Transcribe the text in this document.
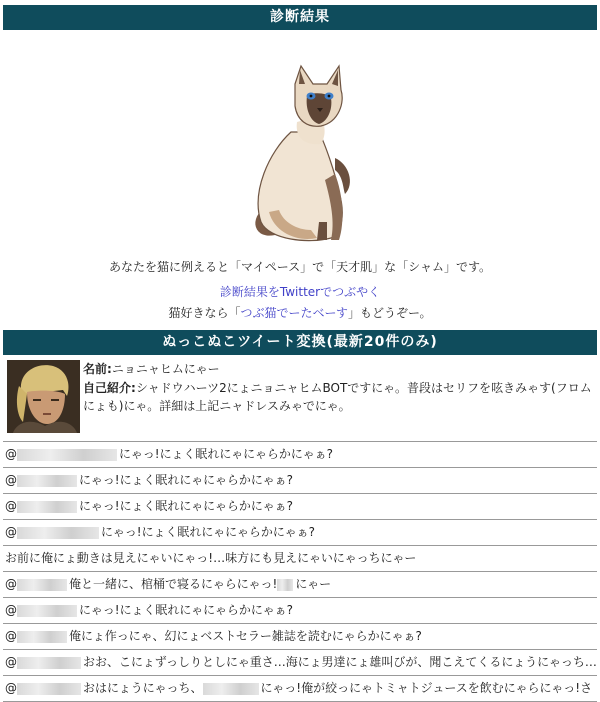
診断結果
あなたを猫に例えると「マイペース」で「天才肌」な「シャム」です。
診断結果をTwitterでつぶやく
猫好きなら「つぶ猫でーたベーす」もどうぞー。
ぬっこぬこツイート変換(最新20件のみ)
名前:ニョニャヒムにゃー
自己紹介:シャドウハーツ2にょニョニャヒムBOTですにゃ。普段はセリフを呟きみゃす(フロムにょも)にゃ。詳細は上記ニャドレスみゃでにゃ。
@	にゃっ!にょく眠れにゃにゃらかにゃぁ?
@	にゃっ!にょく眠れにゃにゃらかにゃぁ?
@	にゃっ!にょく眠れにゃにゃらかにゃぁ?
@	にゃっ!にょく眠れにゃにゃらかにゃぁ?
お前に俺にょ動きは見えにゃいにゃっ!…味方にも見えにゃいにゃっちにゃー
@	俺と一緒に、棺桶で寝るにゃらにゃっ! にゃー
@	にゃっ!にょく眠れにゃにゃらかにゃぁ?
@	俺にょ作っにゃ、幻にょベストセラー雑誌を読むにゃらかにゃぁ?
@	おお、こにょずっしりとしにゃ重さ…海にょ男達にょ雄叫びが、聞こえてくるにょうにゃっち…
@	おはにょうにゃっち、	にゃっ!俺が絞っにゃトミャトジュースを飲むにゃらにゃっ!さ
